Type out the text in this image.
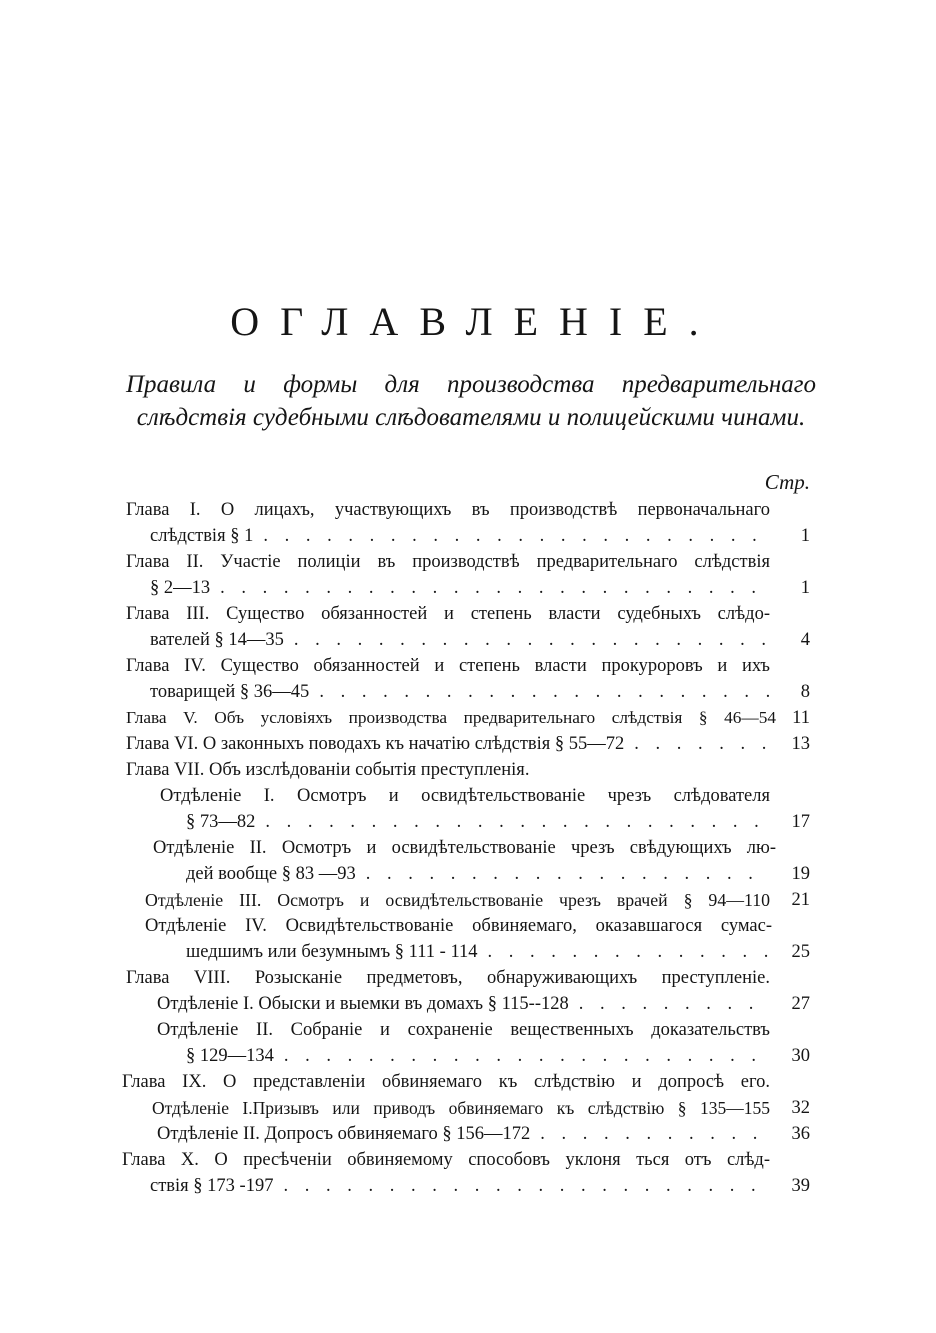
ОГЛАВЛЕНІЕ.
Правила и формы для производства предварительнаго слѣдствія судебными слѣдователями и полицейскими чинами.
Стр.
Глава I. О лицахъ, участвующихъ въ производствѣ первоначальнаго
слѣдствія § 1 . . .	1
Глава II. Участіе полиціи въ производствѣ предварительнаго слѣдствія
§ 2—13 . . .	1
Глава III. Существо обязанностей и степень власти судебныхъ слѣдо-
вателей § 14—35 . . .	4
Глава IV. Существо обязанностей и степень власти прокуроровъ и ихъ
товарищей § 36—45 . . .	8
Глава V. Объ условіяхъ производства предварительнаго слѣдствія § 46—54 11
Глава VI. О законныхъ поводахъ къ начатію слѣдствія § 55—72 . . .	13
Глава VII. Объ изслѣдованіи событія преступленія.
Отдѣленіе I. Осмотръ и освидѣтельствованіе чрезъ слѣдователя
§ 73—82 . . .	17
Отдѣленіе II. Осмотръ и освидѣтельствованіе чрезъ свѣдующихъ лю-
дей вообще § 83 —93 . . .	19
Отдѣленіе III. Осмотръ и освидѣтельствованіе чрезъ врачей § 94—110 21
Отдѣленіе IV. Освидѣтельствованіе обвиняемаго, оказавшагося сумас-
шедшимъ или безумнымъ § 111 - 114 . . .	25
Глава VIII. Розысканіе предметовъ, обнаруживающихъ преступленіе.
Отдѣленіе I. Обыски и выемки въ домахъ § 115--128 . . .	27
Отдѣленіе II. Собраніе и сохраненіе вещественныхъ доказательствъ
§ 129—134 . . .	30
Глава IX. О представленіи обвиняемаго къ слѣдствію и допросѣ его.
Отдѣленіе I.Призывъ или приводъ обвиняемаго къ слѣдствію § 135—155 32
Отдѣленіе II. Допросъ обвиняемаго § 156—172 . . .	36
Глава X. О пресѣченіи обвиняемому способовъ уклоня ться отъ слѣд-
ствія § 173 -197 . . .	39
